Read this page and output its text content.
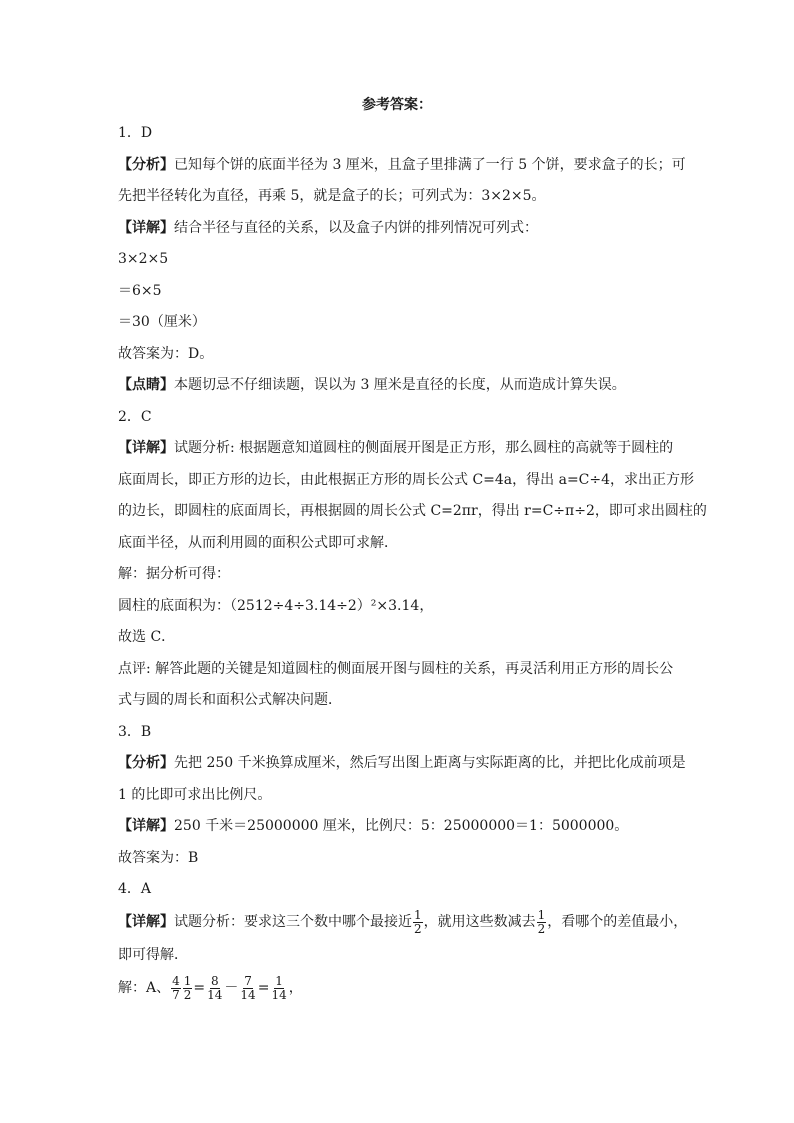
参考答案：
1．D
【分析】已知每个饼的底面半径为 3 厘米，且盒子里排满了一行 5 个饼，要求盒子的长；可
先把半径转化为直径，再乘 5，就是盒子的长；可列式为：3×2×5。
【详解】结合半径与直径的关系，以及盒子内饼的排列情况可列式：
3×2×5
＝6×5
＝30（厘米）
故答案为：D。
【点睛】本题切忌不仔细读题，误以为 3 厘米是直径的长度，从而造成计算失误。
2．C
【详解】试题分析: 根据题意知道圆柱的侧面展开图是正方形，那么圆柱的高就等于圆柱的
底面周长，即正方形的边长，由此根据正方形的周长公式 C=4a，得出 a=C÷4，求出正方形
的边长，即圆柱的底面周长，再根据圆的周长公式 C=2πr，得出 r=C÷π÷2，即可求出圆柱的
底面半径，从而利用圆的面积公式即可求解．
解：据分析可得：
圆柱的底面积为：（2512÷4÷3.14÷2）²×3.14，
故选 C．
点评: 解答此题的关键是知道圆柱的侧面展开图与圆柱的关系，再灵活利用正方形的周长公
式与圆的周长和面积公式解决问题．
3．B
【分析】先把 250 千米换算成厘米，然后写出图上距离与实际距离的比，并把比化成前项是
1 的比即可求出比例尺。
【详解】250 千米＝25000000 厘米，比例尺：5：25000000＝1：5000000。
故答案为：B
4．A
【详解】试题分析：要求这三个数中哪个最接近 $\frac{1}{2}$ ，就用这些数减去 $\frac{1}{2}$ ，看哪个的差值最小，
即可得解．
解：A、 $\frac{4}{7} \frac{1}{2} = \frac{8}{14} - \frac{7}{14} = \frac{1}{14}$ ，
